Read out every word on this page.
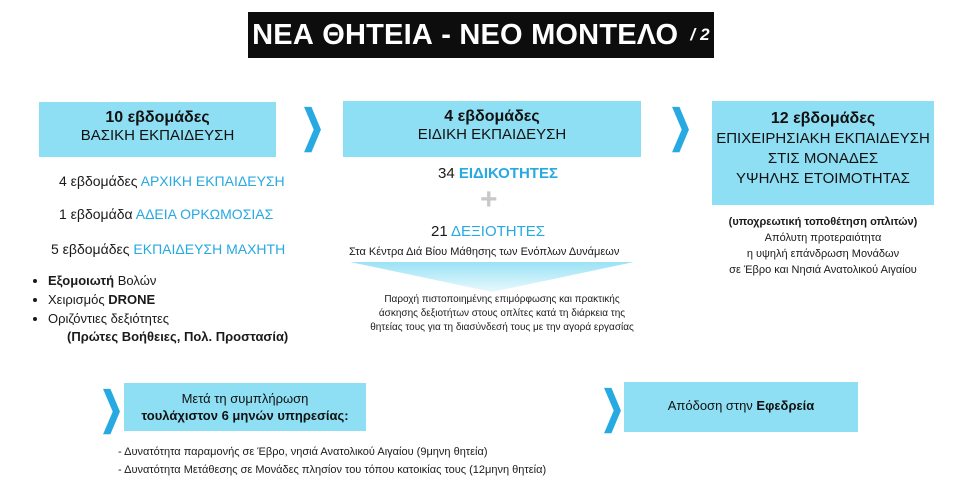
ΝΕΑ ΘΗΤΕΙΑ - ΝΕΟ ΜΟΝΤΕΛΟ / 2
10 εβδομάδες
ΒΑΣΙΚΗ ΕΚΠΑΙΔΕΥΣΗ	❯
4 εβδομάδες ΑΡΧΙΚΗ ΕΚΠΑΙΔΕΥΣΗ
1 εβδομάδα ΑΔΕΙΑ ΟΡΚΩΜΟΣΙΑΣ
5 εβδομάδες ΕΚΠΑΙΔΕΥΣΗ ΜΑΧΗΤΗ
• Εξομοιωτή Βολών
• Χειρισμός DRONE
• Οριζόντιες δεξιότητες
(Πρώτες Βοήθειες, Πολ. Προστασία)
4 εβδομάδες
ΕΙΔΙΚΗ ΕΚΠΑΙΔΕΥΣΗ	❯
34 ΕΙΔΙΚΟΤΗΤΕΣ
+
21 ΔΕΞΙΟΤΗΤΕΣ
Στα Κέντρα Διά Βίου Μάθησης των Ενόπλων Δυνάμεων
Παροχή πιστοποιημένης επιμόρφωσης και πρακτικής άσκησης δεξιοτήτων στους οπλίτες κατά τη διάρκεια της θητείας τους για τη διασύνδεσή τους με την αγορά εργασίας
12 εβδομάδες
ΕΠΙΧΕΙΡΗΣΙΑΚΗ ΕΚΠΑΙΔΕΥΣΗ
ΣΤΙΣ ΜΟΝΑΔΕΣ
ΥΨΗΛΗΣ ΕΤΟΙΜΟΤΗΤΑΣ
(υποχρεωτική τοποθέτηση οπλιτών)
Απόλυτη προτεραιότητα
η υψηλή επάνδρωση Μονάδων
σε Έβρο και Νησιά Ανατολικού Αιγαίου
❯	Μετά τη συμπλήρωση
τουλάχιστον 6 μηνών υπηρεσίας:
- Δυνατότητα παραμονής σε Έβρο, νησιά Ανατολικού Αιγαίου (9μηνη θητεία)
- Δυνατότητα Μετάθεσης σε Μονάδες πλησίον του τόπου κατοικίας τους (12μηνη θητεία)
❯	Απόδοση στην Εφεδρεία
